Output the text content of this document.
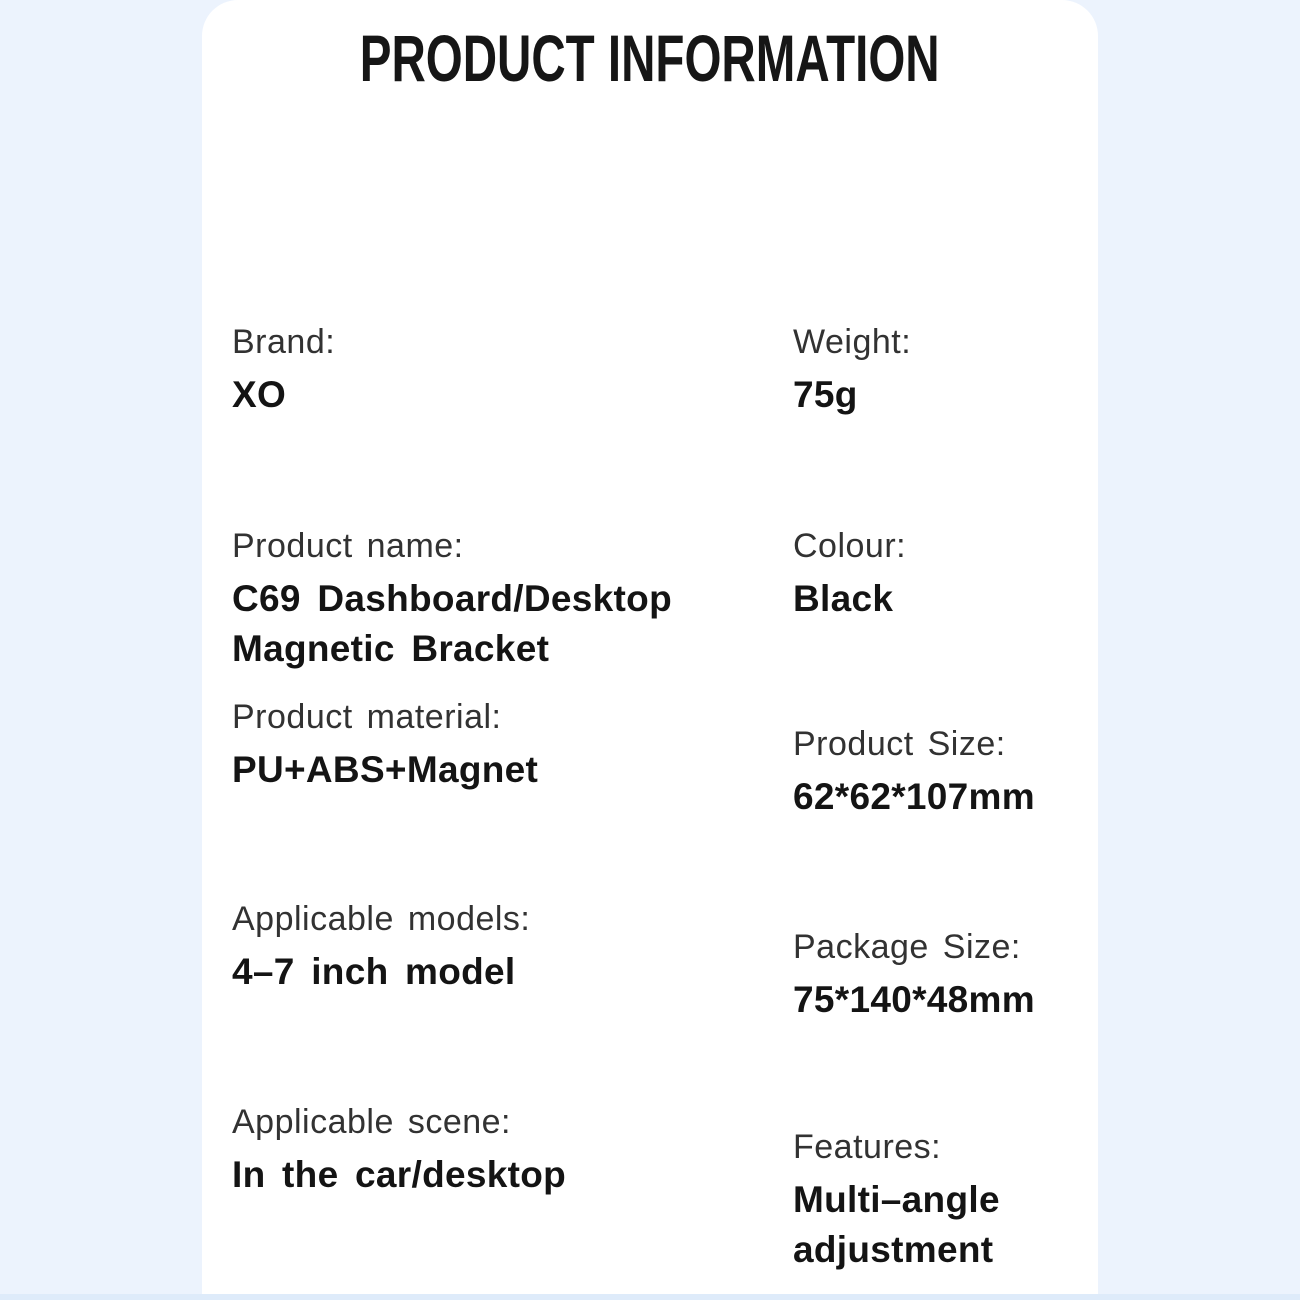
PRODUCT INFORMATION
Brand:
XO
Product name:
C69 Dashboard/Desktop Magnetic Bracket
Product material:
PU+ABS+Magnet
Applicable models:
4–7 inch model
Applicable scene:
In the car/desktop
Weight:
75g
Colour:
Black
Product Size:
62*62*107mm
Package Size:
75*140*48mm
Features:
Multi–angle adjustment
